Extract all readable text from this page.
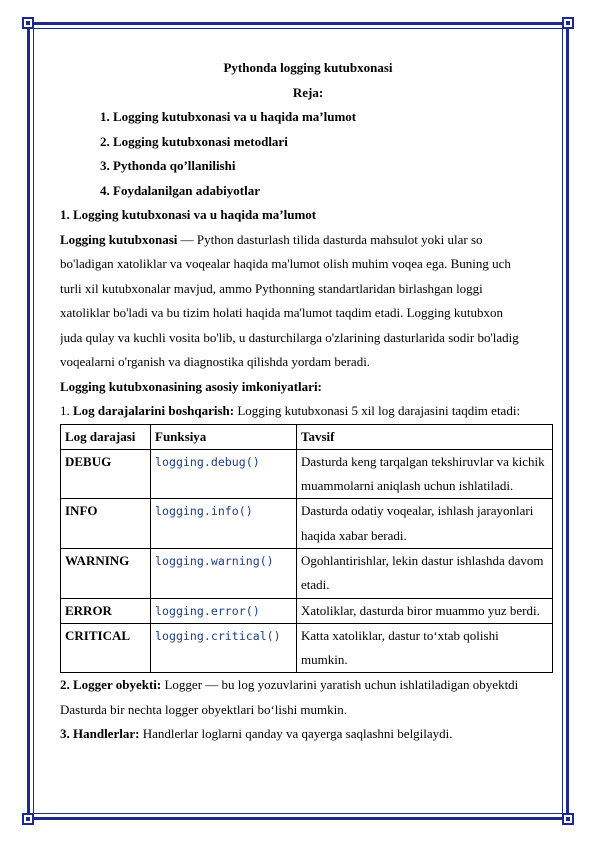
Pythonda logging kutubxonasi
Reja:
1. Logging kutubxonasi va u haqida ma’lumot
2. Logging kutubxonasi metodlari
3. Pythonda qo’llanilishi
4. Foydalanilgan adabiyotlar
1. Logging kutubxonasi va u haqida ma’lumot

Logging kutubxonasi — Python dasturlash tilida dasturda mahsulot yoki ular so

bo'ladigan xatoliklar va voqealar haqida ma'lumot olish muhim voqea ega. Buning uch

turli xil kutubxonalar mavjud, ammo Pythonning standartlaridan birlashgan loggi

xatoliklar bo'ladi va bu tizim holati haqida ma'lumot taqdim etadi. Logging kutubxon

juda qulay va kuchli vosita bo'lib, u dasturchilarga o'zlarining dasturlarida sodir bo'ladig

voqealarni o'rganish va diagnostika qilishda yordam beradi.

Logging kutubxonasining asosiy imkoniyatlari:

1. Log darajalarini boshqarish: Logging kutubxonasi 5 xil log darajasini taqdim etadi:

Log darajasi	Funksiya	Tavsif
DEBUG	logging.debug()	Dasturda keng tarqalgan tekshiruvlar va kichik muammolarni aniqlash uchun ishlatiladi.
INFO	logging.info()	Dasturda odatiy voqealar, ishlash jarayonlari haqida xabar beradi.
WARNING	logging.warning()	Ogohlantirishlar, lekin dastur ishlashda davom etadi.
ERROR	logging.error()	Xatoliklar, dasturda biror muammo yuz berdi.
CRITICAL	logging.critical()	Katta xatoliklar, dastur to‘xtab qolishi mumkin.

2. Logger obyekti: Logger — bu log yozuvlarini yaratish uchun ishlatiladigan obyektdi

Dasturda bir nechta logger obyektlari bo‘lishi mumkin.

3. Handlerlar: Handlerlar loglarni qanday va qayerga saqlashni belgilaydi.
